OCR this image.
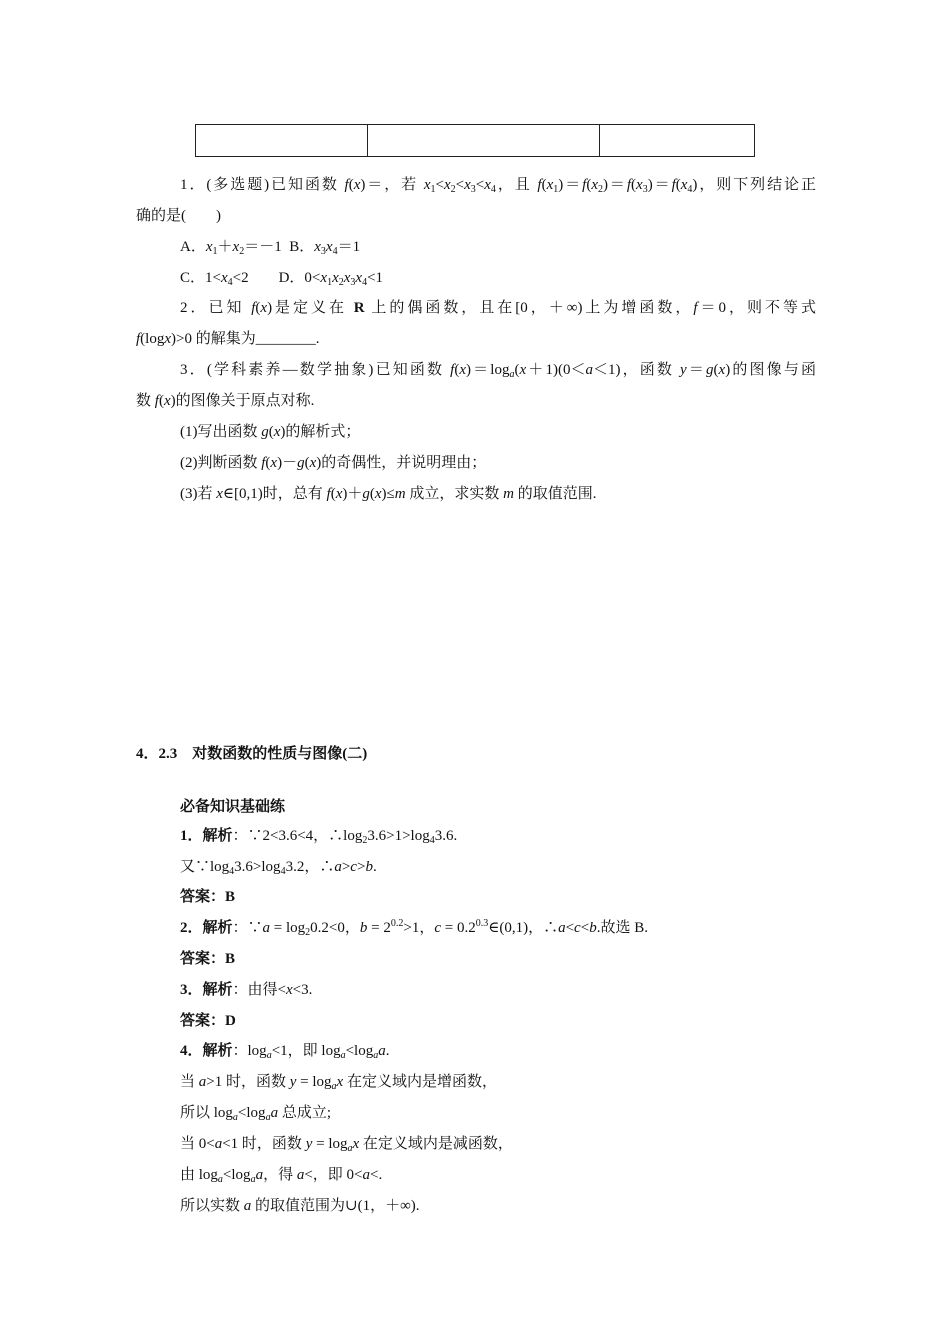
1．(多选题)已知函数 f(x)＝，若 $x_1<x_2<x_3<x_4$，且 $f(x_1)=f(x_2)=f(x_3)=f(x_4)$，则下列结论正
确的是(　　)
A．$x_1+x_2=-1$  B．$x_3x_4=1$
C．$1<x_4<2$　　D．$0<x_1x_2x_3x_4<1$
2．已知 f(x)是定义在 R 上的偶函数，且在[0，＋∞)上为增函数，f＝0，则不等式
f(logx)>0 的解集为________.
3．(学科素养—数学抽象)已知函数 $f(x)=\log_a(x+1)(0<a<1)$，函数 y＝g(x)的图像与函
数 f(x)的图像关于原点对称.
(1)写出函数 g(x)的解析式；
(2)判断函数 f(x)－g(x)的奇偶性，并说明理由；
(3)若 x∈[0,1)时，总有 f(x)＋g(x)≤m 成立，求实数 m 的取值范围.
4．2.3　对数函数的性质与图像(二)
必备知识基础练
1．解析：∵2<3.6<4，$\therefore\log_23.6>1>\log_43.6$.
又$\because\log_43.6>\log_43.2$，∴a>c>b.
答案：B
2．解析：∵a = $\log_20.2<0$，$b = 2^{0.2}>1$，$c = 0.2^{0.3}\in(0,1)$，∴a<c<b.故选 B.
答案：B
3．解析：由得<x<3.
答案：D
4．解析：$\log_a<1$，即 $\log_a<\log_aa$.
当 a>1 时，函数 $y = \log_ax$ 在定义域内是增函数，
所以 $\log_a<\log_aa$ 总成立;
当 0<a<1 时，函数 $y = \log_ax$ 在定义域内是减函数，
由 $\log_a<\log_aa$，得 a<，即 0<a<.
所以实数 a 的取值范围为∪(1，＋∞).
